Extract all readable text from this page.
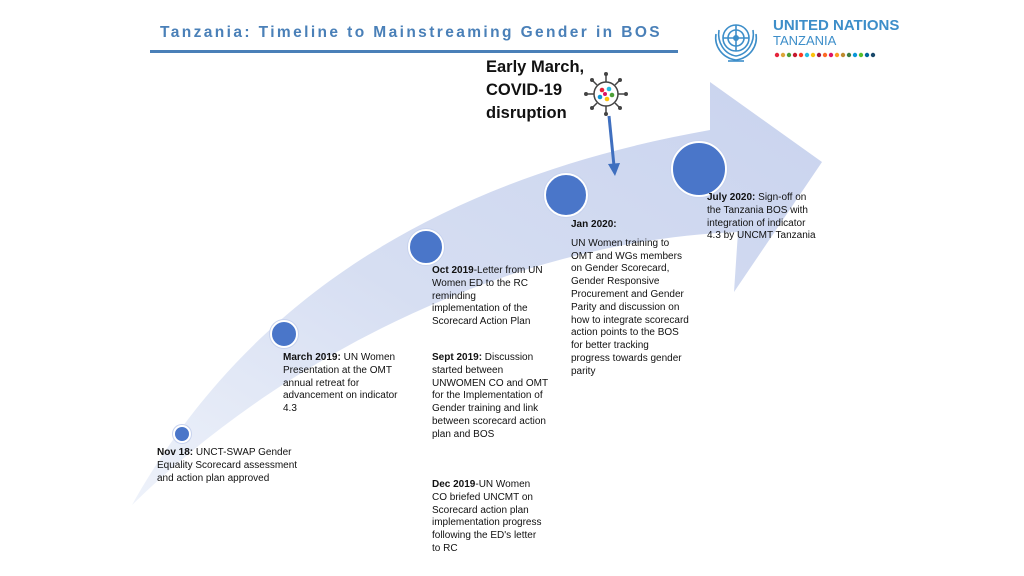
Tanzania: Timeline to Mainstreaming Gender in BOS	UNITED NATIONS
TANZANIA
Early March,
COVID-19
disruption
Nov 18: UNCT-SWAP Gender Equality Scorecard assessment and action plan approved
March 2019: UN Women Presentation at the OMT annual retreat for advancement on indicator 4.3
Oct 2019-Letter from UN Women ED to the RC reminding implementation of the Scorecard Action Plan
Sept 2019: Discussion started between UNWOMEN CO and OMT for the Implementation of Gender training and link between scorecard action plan and BOS
Dec 2019-UN Women CO briefed UNCMT on Scorecard action plan implementation progress following the ED's letter to RC
Jan 2020:
UN Women training to OMT and WGs members on Gender Scorecard, Gender Responsive Procurement and Gender Parity and discussion on how to integrate scorecard action points to the BOS for better tracking progress towards gender parity
July 2020: Sign-off on the Tanzania BOS with integration of indicator 4.3 by UNCMT Tanzania
